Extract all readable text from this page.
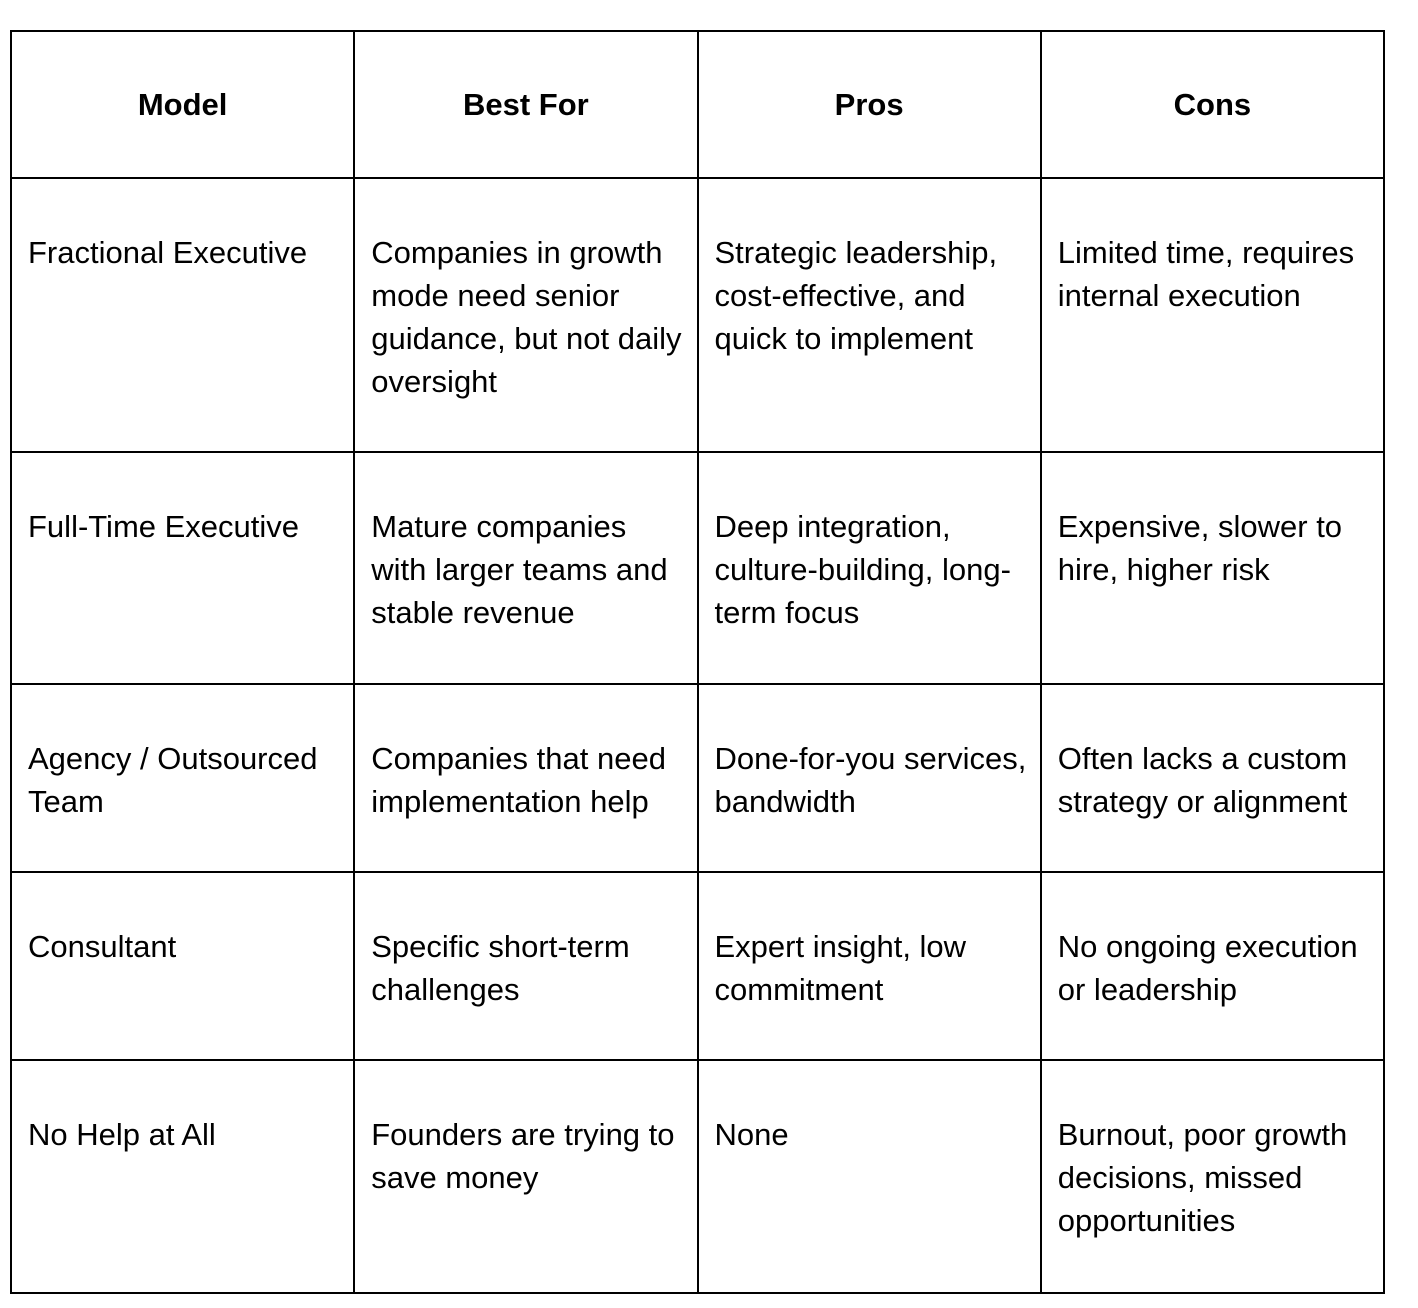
Model	Best For	Pros	Cons
Fractional Executive	Companies in growth mode need senior guidance, but not daily oversight	Strategic leadership, cost-effective, and quick to implement	Limited time, requires internal execution
Full-Time Executive	Mature companies with larger teams and stable revenue	Deep integration, culture-building, long-term focus	Expensive, slower to hire, higher risk
Agency / Outsourced Team	Companies that need implementation help	Done-for-you services, bandwidth	Often lacks a custom strategy or alignment
Consultant	Specific short-term challenges	Expert insight, low commitment	No ongoing execution or leadership
No Help at All	Founders are trying to save money	None	Burnout, poor growth decisions, missed opportunities
